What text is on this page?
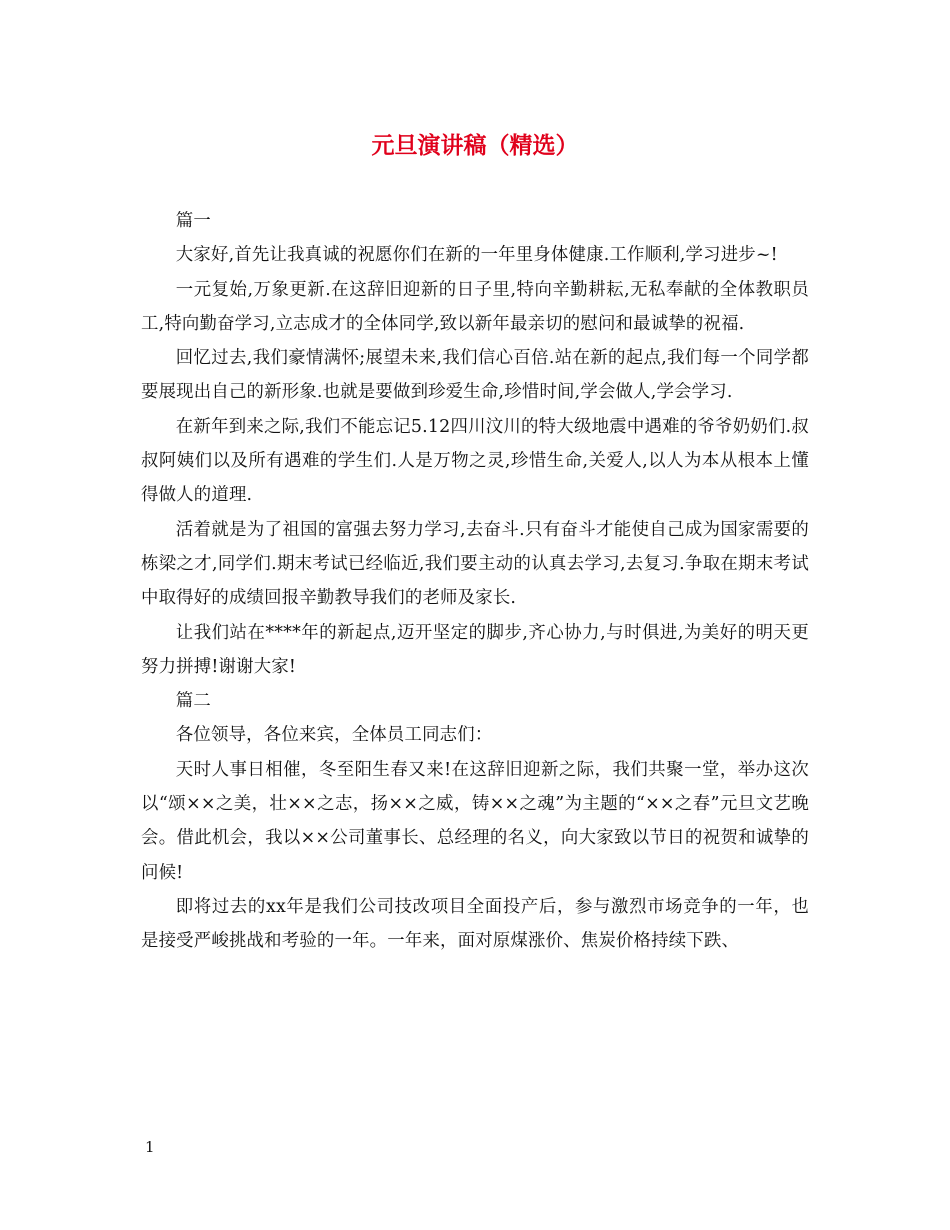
元旦演讲稿（精选）

篇一

大家好,首先让我真诚的祝愿你们在新的一年里身体健康.工作顺利,学习进步~!

一元复始,万象更新.在这辞旧迎新的日子里,特向辛勤耕耘,无私奉献的全体教职员工,特向勤奋学习,立志成才的全体同学,致以新年最亲切的慰问和最诚挚的祝福.

回忆过去,我们豪情满怀;展望未来,我们信心百倍.站在新的起点,我们每一个同学都要展现出自己的新形象.也就是要做到珍爱生命,珍惜时间,学会做人,学会学习.

在新年到来之际,我们不能忘记5.12四川汶川的特大级地震中遇难的爷爷奶奶们.叔叔阿姨们以及所有遇难的学生们.人是万物之灵,珍惜生命,关爱人,以人为本从根本上懂得做人的道理.

活着就是为了祖国的富强去努力学习,去奋斗.只有奋斗才能使自己成为国家需要的栋梁之才,同学们.期末考试已经临近,我们要主动的认真去学习,去复习.争取在期末考试中取得好的成绩回报辛勤教导我们的老师及家长.

让我们站在****年的新起点,迈开坚定的脚步,齐心协力,与时俱进,为美好的明天更努力拼搏!谢谢大家!

篇二

各位领导，各位来宾，全体员工同志们：

天时人事日相催，冬至阳生春又来!在这辞旧迎新之际，我们共聚一堂，举办这次以“颂××之美，壮××之志，扬××之威，铸××之魂”为主题的“××之春”元旦文艺晚会。借此机会，我以××公司董事长、总经理的名义，向大家致以节日的祝贺和诚挚的问候!

即将过去的xx年是我们公司技改项目全面投产后，参与激烈市场竞争的一年，也是接受严峻挑战和考验的一年。一年来，面对原煤涨价、焦炭价格持续下跌、

1
